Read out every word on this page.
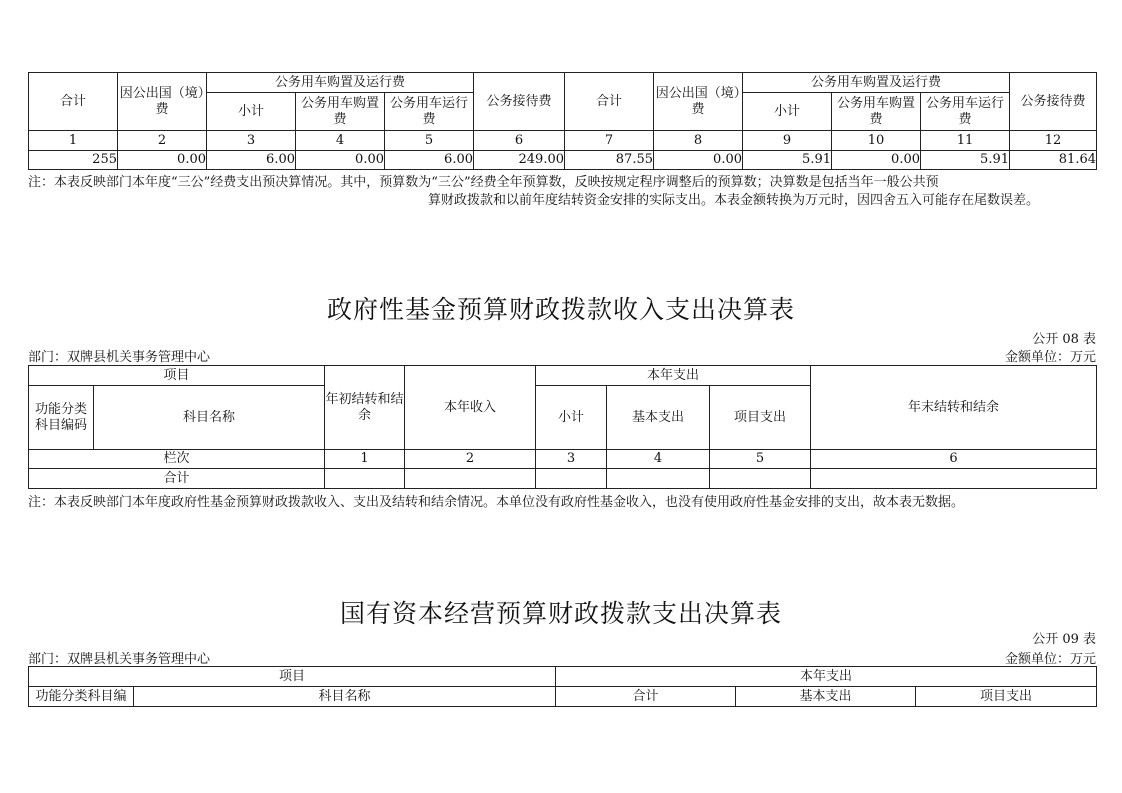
合计	因公出国（境）费	公务用车购置及运行费			公务接待费	合计	因公出国（境）费	公务用车购置及运行费			公务接待费
		小计	公务用车购置费	公务用车运行费				小计	公务用车购置费	公务用车运行费	
1	2	3	4	5	6	7	8	9	10	11	12
255	0.00	6.00	0.00	6.00	249.00	87.55	0.00	5.91	0.00	5.91	81.64
注：本表反映部门本年度“三公”经费支出预决算情况。其中，预算数为“三公”经费全年预算数，反映按规定程序调整后的预算数；决算数是包括当年一般公共预
算财政拨款和以前年度结转资金安排的实际支出。本表金额转换为万元时，因四舍五入可能存在尾数误差。
政府性基金预算财政拨款收入支出决算表
公开 08 表
部门：双牌县机关事务管理中心	金额单位：万元
项目		年初结转和结余	本年收入	本年支出			年末结转和结余
功能分类科目编码	科目名称			小计	基本支出	项目支出	
栏次		1	2	3	4	5	6
合计							
注：本表反映部门本年度政府性基金预算财政拨款收入、支出及结转和结余情况。本单位没有政府性基金收入，也没有使用政府性基金安排的支出，故本表无数据。
国有资本经营预算财政拨款支出决算表
公开 09 表
部门：双牌县机关事务管理中心	金额单位：万元
项目		本年支出		
功能分类科目编	科目名称	合计	基本支出	项目支出
